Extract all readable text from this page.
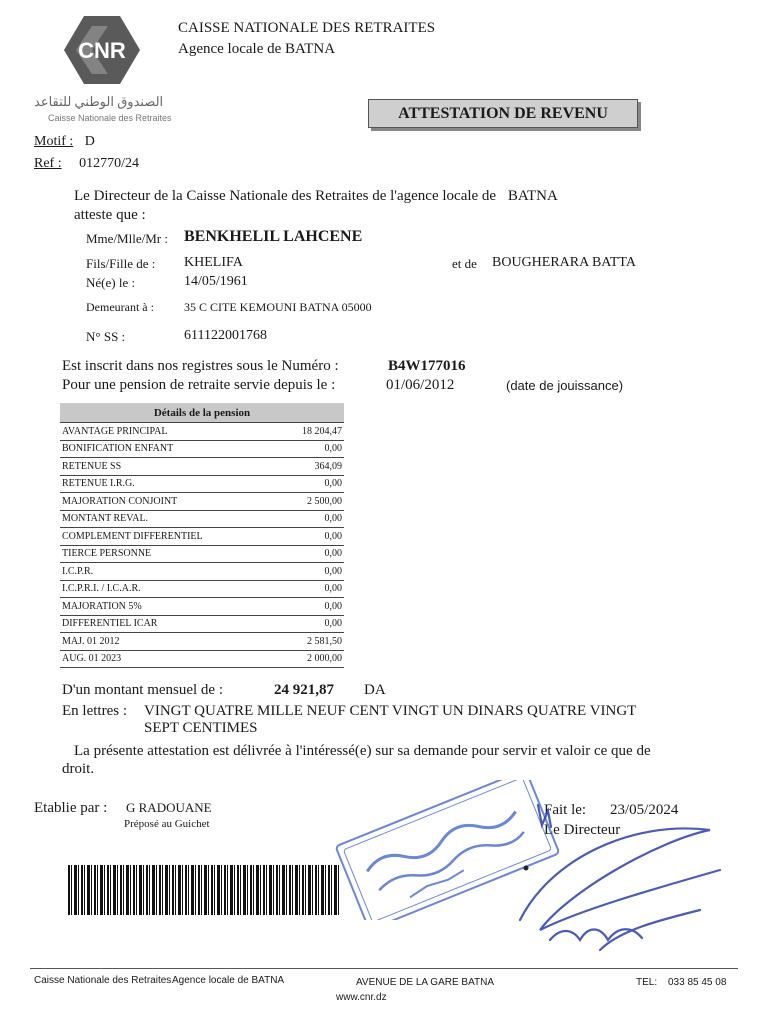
CNR
CAISSE NATIONALE DES RETRAITES
Agence locale de BATNA
الصندوق الوطني للتقاعد
Caisse Nationale des Retraites	ATTESTATION DE REVENU
Motif : D
Ref : 012770/24
Le Directeur de la Caisse Nationale des Retraites de l'agence locale de BATNA
atteste que :
Mme/Mlle/Mr : BENKHELIL LAHCENE
Fils/Fille de : KHELIFA	et de BOUGHERARA BATTA
Né(e) le :	14/05/1961
Demeurant à :	35 C CITE KEMOUNI BATNA 05000
N° SS :	611122001768
Est inscrit dans nos registres sous le Numéro :	B4W177016
Pour une pension de retraite servie depuis le :	01/06/2012	(date de jouissance)
Détails de la pension	
AVANTAGE PRINCIPAL	18 204,47
BONIFICATION ENFANT	0,00
RETENUE SS	364,09
RETENUE I.R.G.	0,00
MAJORATION CONJOINT	2 500,00
MONTANT REVAL.	0,00
COMPLEMENT DIFFERENTIEL	0,00
TIERCE PERSONNE	0,00
I.C.P.R.	0,00
I.C.P.R.I. / I.C.A.R.	0,00
MAJORATION 5%	0,00
DIFFERENTIEL ICAR	0,00
MAJ. 01 2012	2 581,50
AUG. 01 2023	2 000,00
D'un montant mensuel de :	24 921,87 DA
En lettres : VINGT QUATRE MILLE NEUF CENT VINGT UN DINARS QUATRE VINGT
SEPT CENTIMES
La présente attestation est délivrée à l'intéressé(e) sur sa demande pour servir et valoir ce que de
droit.
Etablie par : G RADOUANE
Préposé au Guichet
Fait le: 23/05/2024
Le Directeur
Caisse Nationale des Retraites Agence locale de BATNA	AVENUE DE LA GARE BATNA	TEL: 033 85 45 08
www.cnr.dz
